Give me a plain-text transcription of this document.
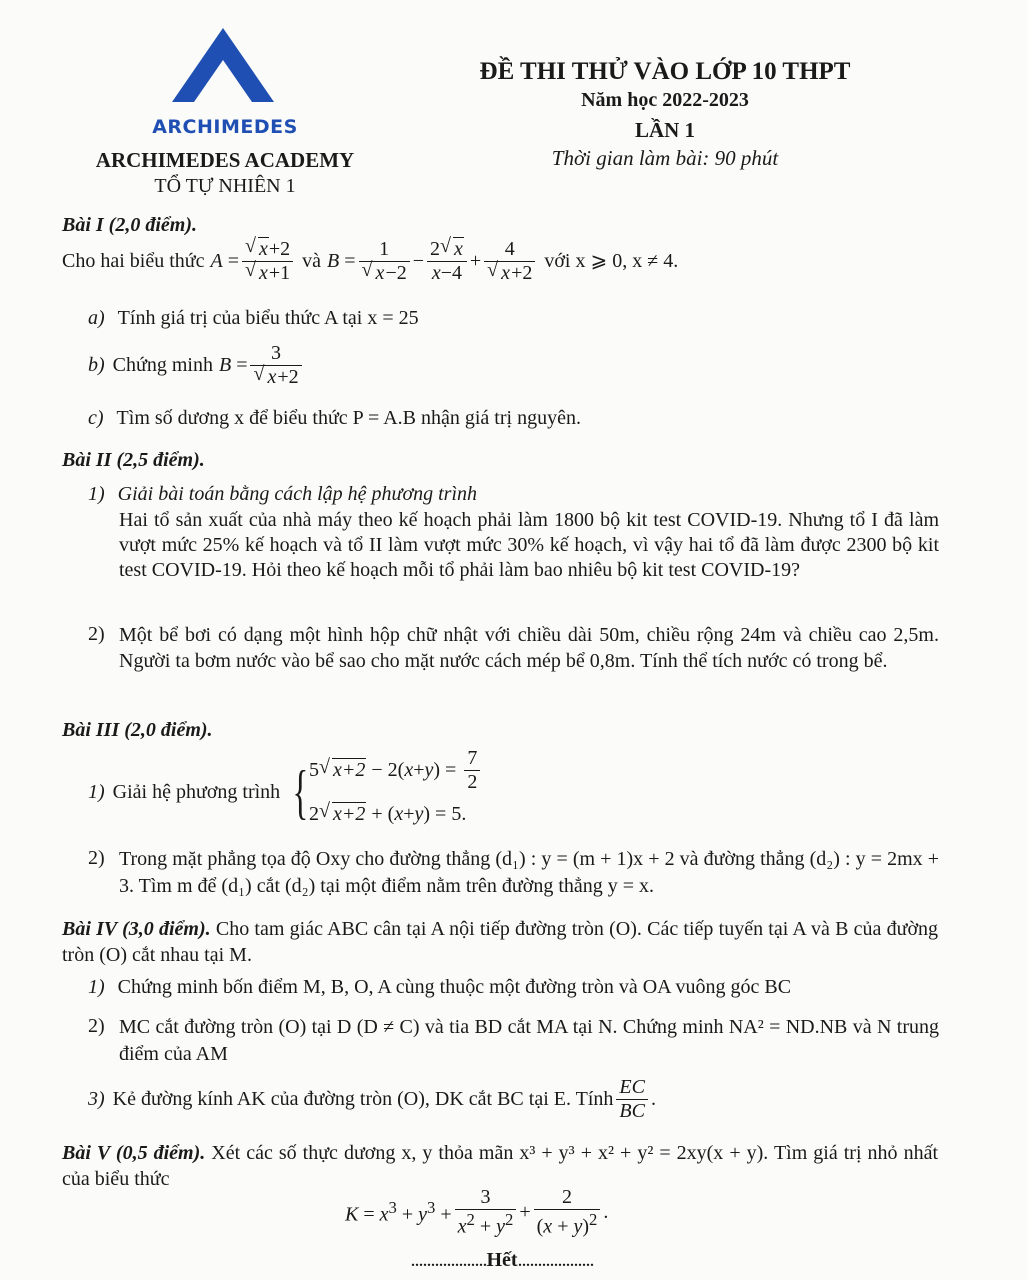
ARCHIMEDES
ARCHIMEDES ACADEMY
TỔ TỰ NHIÊN 1
ĐỀ THI THỬ VÀO LỚP 10 THPT
Năm học 2022-2023
LẦN 1
Thời gian làm bài: 90 phút
Bài I (2,0 điểm).
Cho hai biểu thức A = √ x+2
√ x+1 và B = 1
√ $x-2 - \frac{2 √ x}{x-4} + 4$
√ x+2 với x ⩾ 0, x ≠ 4.
a) Tính giá trị của biểu thức A tại x = 25
b) Chứng minh B = 3
√ x+2
c) Tìm số dương x để biểu thức P = A.B nhận giá trị nguyên.
Bài II (2,5 điểm).
1) Giải bài toán bằng cách lập hệ phương trình
Hai tổ sản xuất của nhà máy theo kế hoạch phải làm 1800 bộ kit test COVID-19. Nhưng tổ I đã làm vượt mức 25% kế hoạch và tổ II làm vượt mức 30% kế hoạch, vì vậy hai tổ đã làm được 2300 bộ kit test COVID-19. Hỏi theo kế hoạch mỗi tổ phải làm bao nhiêu bộ kit test COVID-19?
2) Một bể bơi có dạng một hình hộp chữ nhật với chiều dài 50m, chiều rộng 24m và chiều cao 2,5m. Người ta bơm nước vào bể sao cho mặt nước cách mép bể 0,8m. Tính thể tích nước có trong bể.
Bài III (2,0 điểm).
1) Giải hệ phương trình { 5 √ x+2 − 2( x + y ) = $\frac{7}{2}$
2 √ x+2 + ( x + y ) = 5.
2) Trong mặt phẳng tọa độ Oxy cho đường thẳng (d₁) : y = (m + 1)x + 2 và đường thẳng (d₂) : y = 2mx + 3. Tìm m để (d₁) cắt (d₂) tại một điểm nằm trên đường thẳng y = x.
Bài IV (3,0 điểm). Cho tam giác ABC cân tại A nội tiếp đường tròn (O). Các tiếp tuyến tại A và B của đường tròn (O) cắt nhau tại M.
1) Chứng minh bốn điểm M, B, O, A cùng thuộc một đường tròn và OA vuông góc BC
2) MC cắt đường tròn (O) tại D (D ≠ C) và tia BD cắt MA tại N. Chứng minh NA² = ND.NB và N trung điểm của AM
3) Kẻ đường kính AK của đường tròn (O), DK cắt BC tại E. Tính $\frac{EC}{BC}$ .
Bài V (0,5 điểm). Xét các số thực dương x, y thỏa mãn x³ + y³ + x² + y² = 2xy(x + y). Tìm giá trị nhỏ nhất của biểu thức
$K = x^3 + y^3 + \frac{3}{x^2 + y^2} + \frac{2}{(x + y)^2}$ .
...................Hết...................
